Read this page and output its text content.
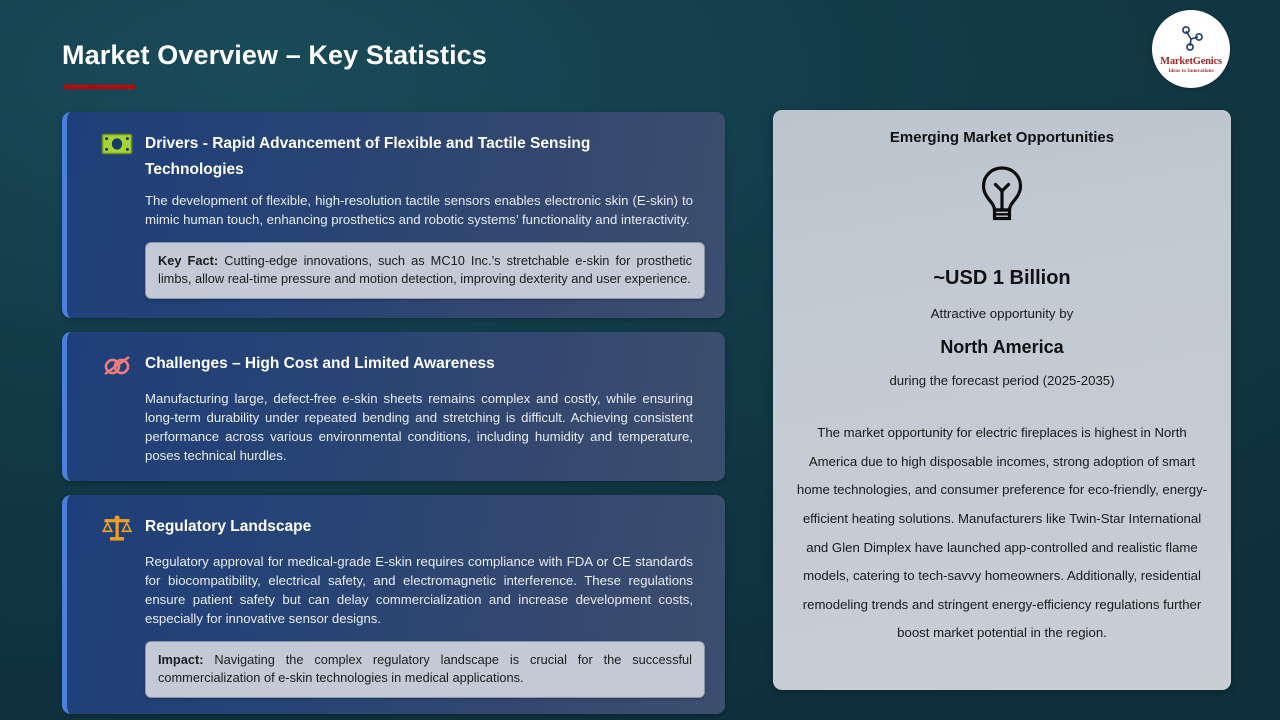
Market Overview – Key Statistics	MarketGenics
Ideas to Innovations
Drivers - Rapid Advancement of Flexible and Tactile Sensing Technologies
The development of flexible, high-resolution tactile sensors enables electronic skin (E-skin) to mimic human touch, enhancing prosthetics and robotic systems’ functionality and interactivity.
Key Fact: Cutting-edge innovations, such as MC10 Inc.’s stretchable e-skin for prosthetic limbs, allow real-time pressure and motion detection, improving dexterity and user experience.
Challenges – High Cost and Limited Awareness
Manufacturing large, defect-free e-skin sheets remains complex and costly, while ensuring long-term durability under repeated bending and stretching is difficult. Achieving consistent performance across various environmental conditions, including humidity and temperature, poses technical hurdles.
Regulatory Landscape
Regulatory approval for medical-grade E-skin requires compliance with FDA or CE standards for biocompatibility, electrical safety, and electromagnetic interference. These regulations ensure patient safety but can delay commercialization and increase development costs, especially for innovative sensor designs.
Impact: Navigating the complex regulatory landscape is crucial for the successful commercialization of e-skin technologies in medical applications.
Emerging Market Opportunities
~USD 1 Billion
Attractive opportunity by
North America
during the forecast period (2025-2035)
The market opportunity for electric fireplaces is highest in North America due to high disposable incomes, strong adoption of smart home technologies, and consumer preference for eco-friendly, energy-efficient heating solutions. Manufacturers like Twin-Star International and Glen Dimplex have launched app-controlled and realistic flame models, catering to tech-savvy homeowners. Additionally, residential remodeling trends and stringent energy-efficiency regulations further boost market potential in the region.
